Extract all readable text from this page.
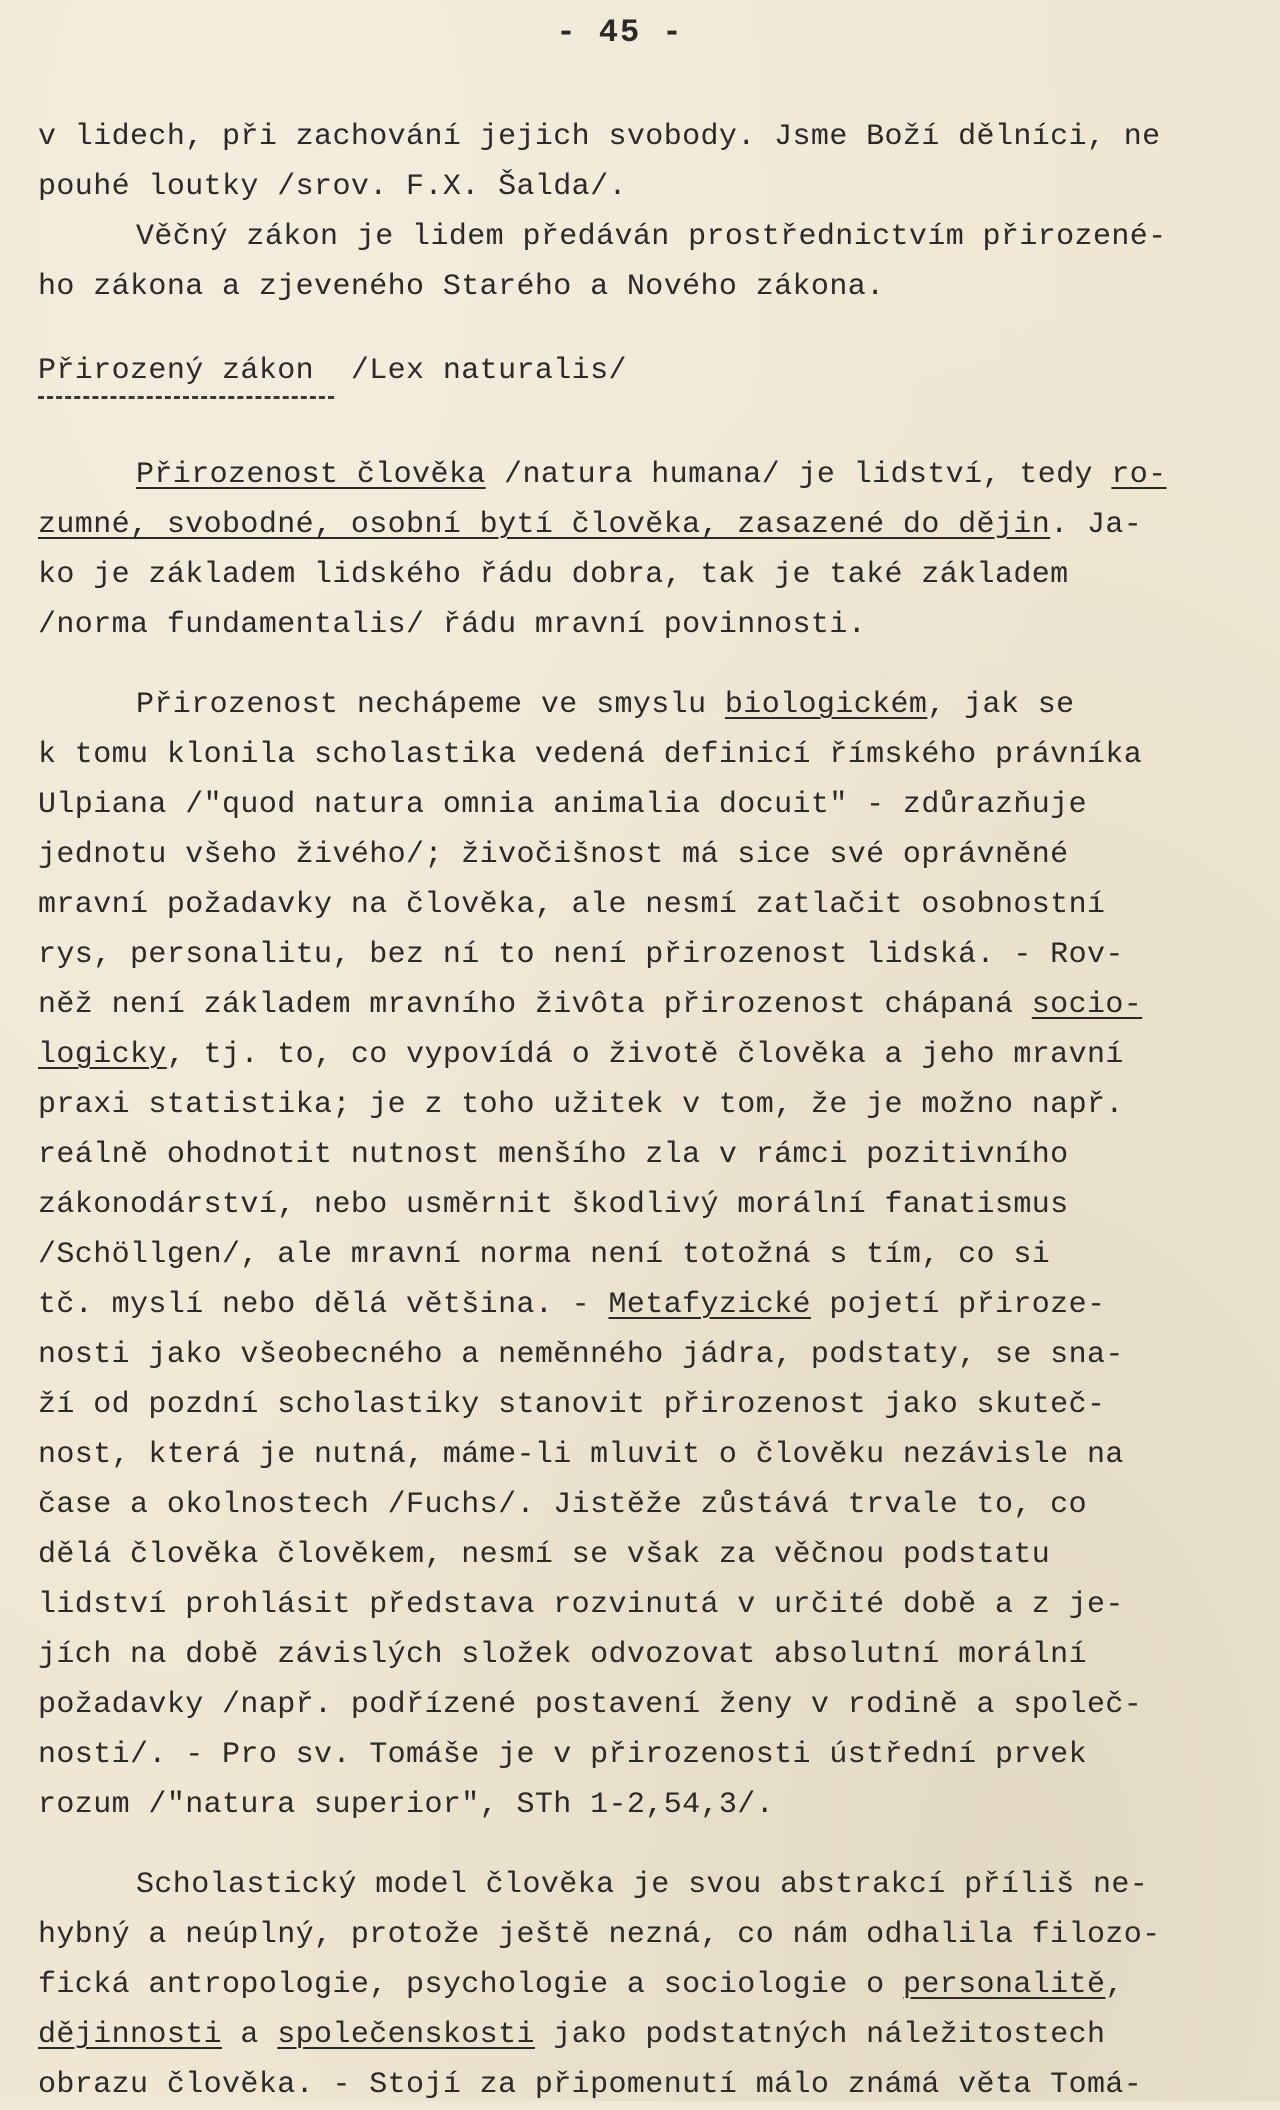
- 45 -
v lidech, při zachování jejich svobody. Jsme Boží dělníci, ne
pouhé loutky /srov. F.X. Šalda/.
Věčný zákon je lidem předáván prostřednictvím přirozené-
ho zákona a zjeveného Starého a Nového zákona.
Přirozený zákon  /Lex naturalis/
Přirozenost člověka /natura humana/ je lidství, tedy ro-
zumné, svobodné, osobní bytí člověka, zasazené do dějin. Ja-
ko je základem lidského řádu dobra, tak je také základem
/norma fundamentalis/ řádu mravní povinnosti.
Přirozenost nechápeme ve smyslu biologickém, jak se
k tomu klonila scholastika vedená definicí římského právníka
Ulpiana /"quod natura omnia animalia docuit" - zdůrazňuje
jednotu všeho živého/; živočišnost má sice své oprávněné
mravní požadavky na člověka, ale nesmí zatlačit osobnostní
rys, personalitu, bez ní to není přirozenost lidská. - Rov-
něž není základem mravního živôta přirozenost chápaná socio-
logicky, tj. to, co vypovídá o životě člověka a jeho mravní
praxi statistika; je z toho užitek v tom, že je možno např.
reálně ohodnotit nutnost menšího zla v rámci pozitivního
zákonodárství, nebo usměrnit škodlivý morální fanatismus
/Schöllgen/, ale mravní norma není totožná s tím, co si
tč. myslí nebo dělá většina. - Metafyzické pojetí přiroze-
nosti jako všeobecného a neměnného jádra, podstaty, se sna-
ží od pozdní scholastiky stanovit přirozenost jako skuteč-
nost, která je nutná, máme-li mluvit o člověku nezávisle na
čase a okolnostech /Fuchs/. Jistěže zůstává trvale to, co
dělá člověka člověkem, nesmí se však za věčnou podstatu
lidství prohlásit představa rozvinutá v určité době a z je-
jích na době závislých složek odvozovat absolutní morální
požadavky /např. podřízené postavení ženy v rodině a společ-
nosti/. - Pro sv. Tomáše je v přirozenosti ústřední prvek
rozum /"natura superior", STh 1-2,54,3/.
Scholastický model člověka je svou abstrakcí příliš ne-
hybný a neúplný, protože ještě nezná, co nám odhalila filozo-
fická antropologie, psychologie a sociologie o personalitě,
dějinnosti a společenskosti jako podstatných náležitostech
obrazu člověka. - Stojí za připomenutí málo známá věta Tomá-
